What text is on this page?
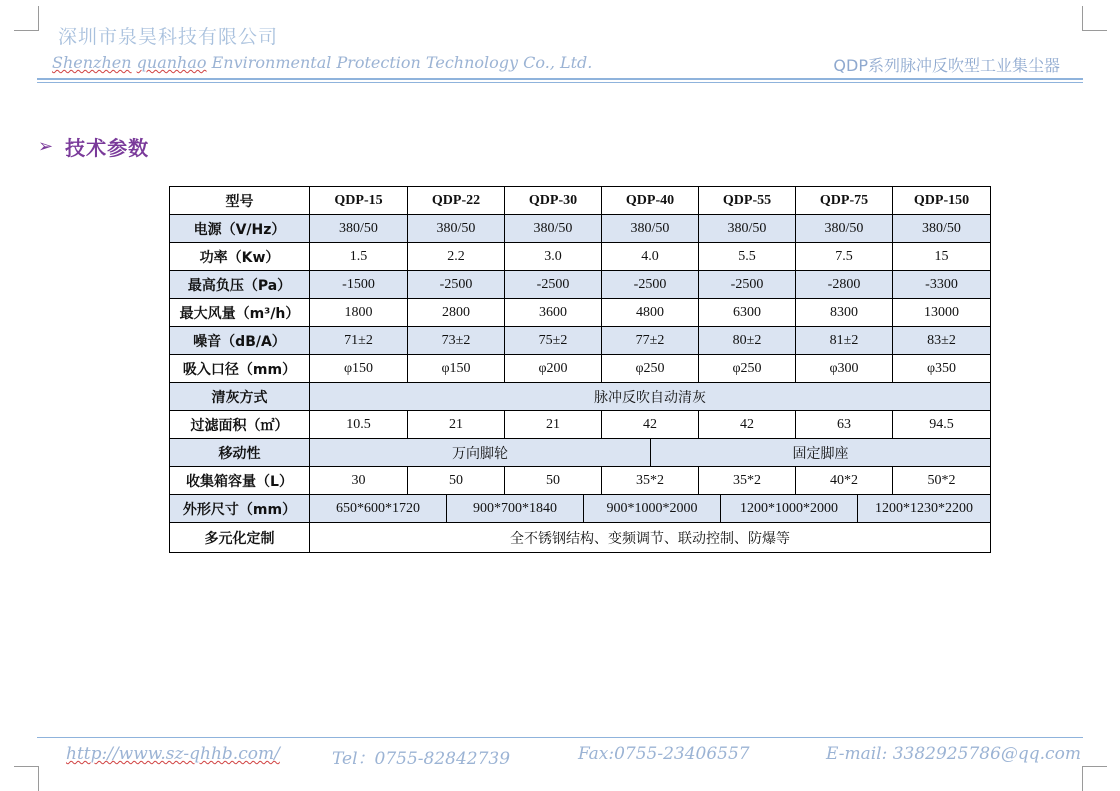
深圳市泉昊科技有限公司
Shenzhen quanhao Environmental Protection Technology Co., Ltd.	QDP系列脉冲反吹型工业集尘器
➢ 技术参数
型号	QDP-15	QDP-22	QDP-30	QDP-40	QDP-55	QDP-75	QDP-150
电源（V/Hz）	380/50	380/50	380/50	380/50	380/50	380/50	380/50
功率（Kw）	1.5	2.2	3.0	4.0	5.5	7.5	15
最高负压（Pa）	-1500	-2500	-2500	-2500	-2500	-2800	-3300
最大风量（m³/h）	1800	2800	3600	4800	6300	8300	13000
噪音（dB/A）	71±2	73±2	75±2	77±2	80±2	81±2	83±2
吸入口径（mm）	φ150	φ150	φ200	φ250	φ250	φ300	φ350
清灰方式	脉冲反吹自动清灰						
过滤面积（㎡）	10.5	21	21	42	42	63	94.5
移动性	万向脚轮 固定脚座						

收集箱容量（L）	30	50	50	35*2	35*2	40*2	50*2
外形尺寸（mm）	650*600*1720 900*700*1840 900*1000*2000 1200*1000*2000 1200*1230*2200						

多元化定制	全不锈钢结构、变频调节、联动控制、防爆等						
http://www.sz-qhhb.com/	Tel：0755-82842739	Fax:0755-23406557	E-mail: 3382925786@qq.com
